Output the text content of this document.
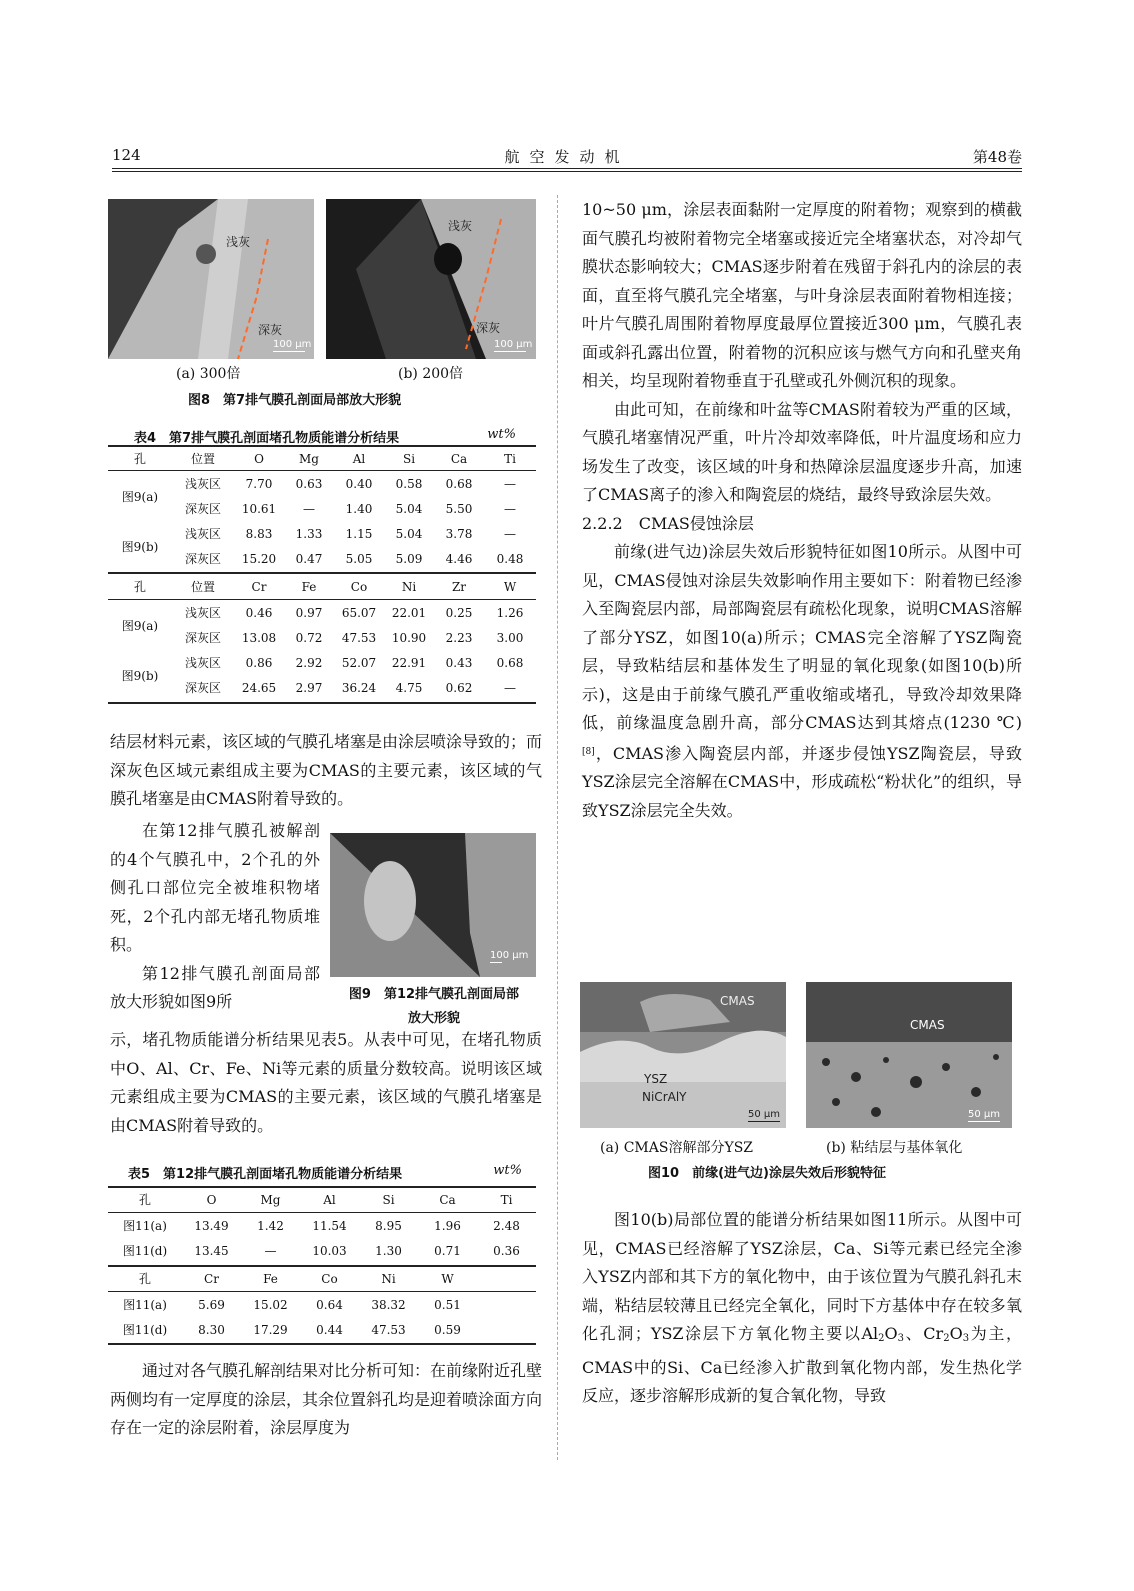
124	航空发动机	第48卷
浅灰
深灰
100 μm
浅灰
深灰
100 μm
(a) 300倍	(b) 200倍
图8　第7排气膜孔剖面局部放大形貌
表4　第7排气膜孔剖面堵孔物质能谱分析结果	wt%
孔	位置	O	Mg	Al	Si	Ca	Ti
图9(a)	浅灰区	7.70	0.63	0.40	0.58	0.68	—
	深灰区	10.61	—	1.40	5.04	5.50	—
图9(b)	浅灰区	8.83	1.33	1.15	5.04	3.78	—
	深灰区	15.20	0.47	5.05	5.09	4.46	0.48
孔	位置	Cr	Fe	Co	Ni	Zr	W
图9(a)	浅灰区	0.46	0.97	65.07	22.01	0.25	1.26
	深灰区	13.08	0.72	47.53	10.90	2.23	3.00
图9(b)	浅灰区	0.86	2.92	52.07	22.91	0.43	0.68
	深灰区	24.65	2.97	36.24	4.75	0.62	—

结层材料元素，该区域的气膜孔堵塞是由涂层喷涂导致的；而深灰色区域元素组成主要为CMAS的主要元素，该区域的气膜孔堵塞是由CMAS附着导致的。

在第12排气膜孔被解剖的4个气膜孔中，2个孔的外侧孔口部位完全被堆积物堵死，2个孔内部无堵孔物质堆积。

第12排气膜孔剖面局部放大形貌如图9所

100 μm
图9　第12排气膜孔剖面局部
放大形貌

示，堵孔物质能谱分析结果见表5。从表中可见，在堵孔物质中O、Al、Cr、Fe、Ni等元素的质量分数较高。说明该区域元素组成主要为CMAS的主要元素，该区域的气膜孔堵塞是由CMAS附着导致的。

表5　第12排气膜孔剖面堵孔物质能谱分析结果	wt%
孔	O	Mg	Al	Si	Ca	Ti
图11(a)	13.49	1.42	11.54	8.95	1.96	2.48
图11(d)	13.45	—	10.03	1.30	0.71	0.36
孔	Cr	Fe	Co	Ni	W	
图11(a)	5.69	15.02	0.64	38.32	0.51	
图11(d)	8.30	17.29	0.44	47.53	0.59	

通过对各气膜孔解剖结果对比分析可知：在前缘附近孔壁两侧均有一定厚度的涂层，其余位置斜孔均是迎着喷涂面方向存在一定的涂层附着，涂层厚度为

10~50 μm，涂层表面黏附一定厚度的附着物；观察到的横截面气膜孔均被附着物完全堵塞或接近完全堵塞状态，对冷却气膜状态影响较大；CMAS逐步附着在残留于斜孔内的涂层的表面，直至将气膜孔完全堵塞，与叶身涂层表面附着物相连接；叶片气膜孔周围附着物厚度最厚位置接近300 μm，气膜孔表面或斜孔露出位置，附着物的沉积应该与燃气方向和孔壁夹角相关，均呈现附着物垂直于孔壁或孔外侧沉积的现象。

由此可知，在前缘和叶盆等CMAS附着较为严重的区域，气膜孔堵塞情况严重，叶片冷却效率降低，叶片温度场和应力场发生了改变，该区域的叶身和热障涂层温度逐步升高，加速了CMAS离子的渗入和陶瓷层的烧结，最终导致涂层失效。

2.2.2　CMAS侵蚀涂层

前缘(进气边)涂层失效后形貌特征如图10所示。从图中可见，CMAS侵蚀对涂层失效影响作用主要如下：附着物已经渗入至陶瓷层内部，局部陶瓷层有疏松化现象，说明CMAS溶解了部分YSZ，如图10(a)所示；CMAS完全溶解了YSZ陶瓷层，导致粘结层和基体发生了明显的氧化现象(如图10(b)所示)，这是由于前缘气膜孔严重收缩或堵孔，导致冷却效果降低，前缘温度急剧升高，部分CMAS达到其熔点(1230 ℃)[8]，CMAS渗入陶瓷层内部，并逐步侵蚀YSZ陶瓷层，导致YSZ涂层完全溶解在CMAS中，形成疏松“粉状化”的组织，导致YSZ涂层完全失效。

CMAS
YSZ
NiCrAlY
50 μm
CMAS
50 μm
(a) CMAS溶解部分YSZ	(b) 粘结层与基体氧化
图10　前缘(进气边)涂层失效后形貌特征

图10(b)局部位置的能谱分析结果如图11所示。从图中可见，CMAS已经溶解了YSZ涂层，Ca、Si等元素已经完全渗入YSZ内部和其下方的氧化物中，由于该位置为气膜孔斜孔末端，粘结层较薄且已经完全氧化，同时下方基体中存在较多氧化孔洞；YSZ涂层下方氧化物主要以Al2O3、Cr2O3为主，CMAS中的Si、Ca已经渗入扩散到氧化物内部，发生热化学反应，逐步溶解形成新的复合氧化物，导致
